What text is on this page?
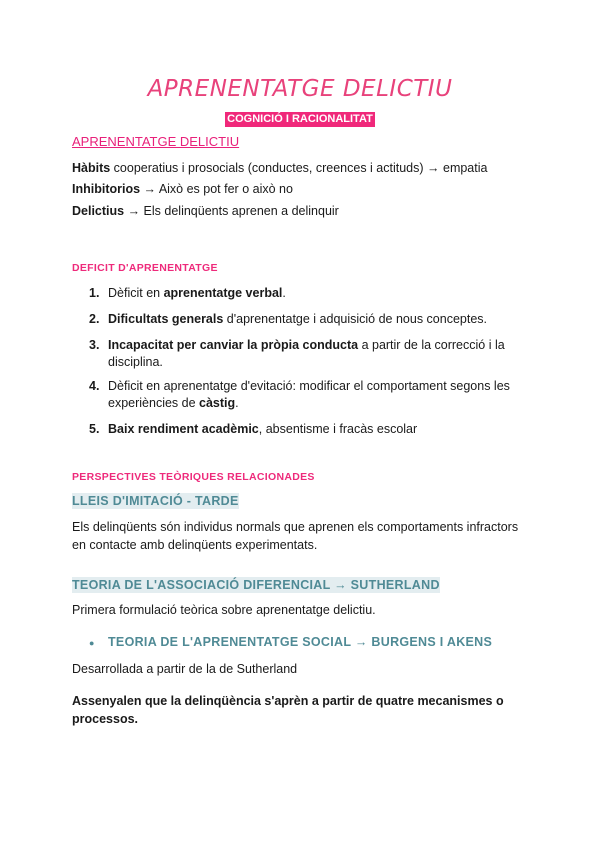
APRENENTATGE DELICTIU
COGNICIÓ I RACIONALITAT
APRENENTATGE DELICTIU
Hàbits cooperatius i prosocials (conductes, creences i actituds) → empatia
Inhibitorios → Això es pot fer o això no
Delictius → Els delinqüents aprenen a delinquir
DEFICIT D'APRENENTATGE
1. Dèficit en aprenentatge verbal.
2. Dificultats generals d'aprenentatge i adquisició de nous conceptes.
3. Incapacitat per canviar la pròpia conducta a partir de la correcció i la disciplina.
4. Dèficit en aprenentatge d'evitació: modificar el comportament segons les experiències de càstig.
5. Baix rendiment acadèmic, absentisme i fracàs escolar
PERSPECTIVES TEÒRIQUES RELACIONADES
LLEIS D'IMITACIÓ - TARDE
Els delinqüents són individus normals que aprenen els comportaments infractors en contacte amb delinqüents experimentats.
TEORIA DE L'ASSOCIACIÓ DIFERENCIAL → SUTHERLAND
Primera formulació teòrica sobre aprenentatge delictiu.
● TEORIA DE L'APRENENTATGE SOCIAL → BURGENS I AKENS
Desarrollada a partir de la de Sutherland
Assenyalen que la delinqüència s'aprèn a partir de quatre mecanismes o processos.
